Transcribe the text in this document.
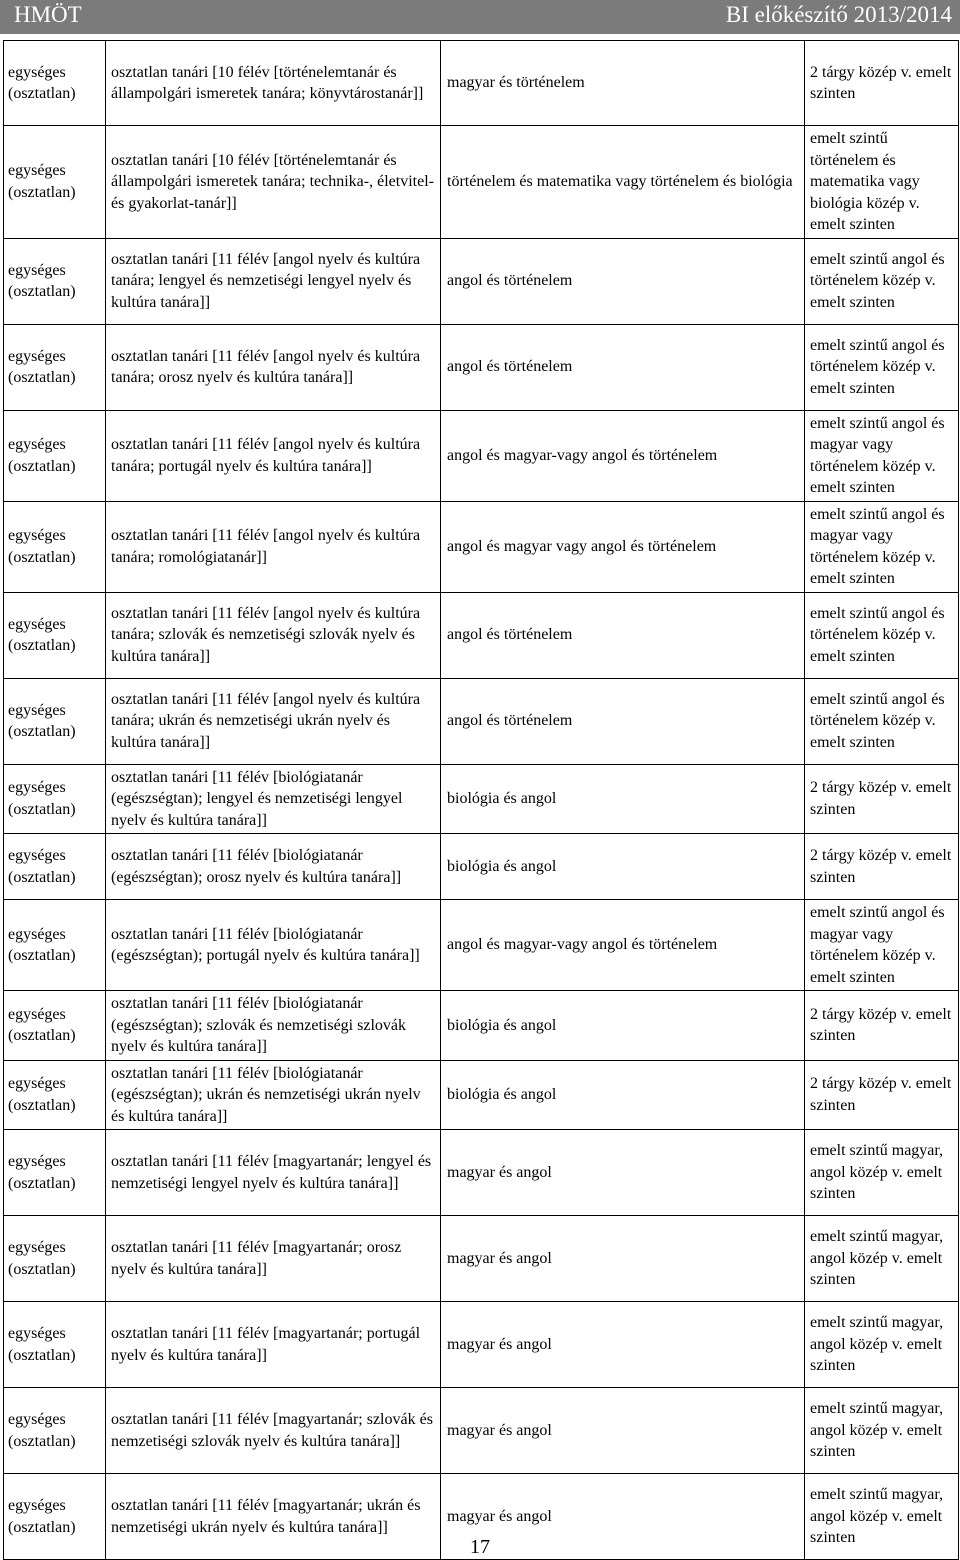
HMÖT	BI előkészítő 2013/2014
egységes (osztatlan)	osztatlan tanári [10 félév [történelemtanár és állampolgári ismeretek tanára; könyvtárostanár]]	magyar és történelem	2 tárgy közép v. emelt szinten
egységes (osztatlan)	osztatlan tanári [10 félév [történelemtanár és állampolgári ismeretek tanára; technika-, életvitel- és gyakorlat-tanár]]	történelem és matematika vagy történelem és biológia	emelt szintű történelem és matematika vagy biológia közép v. emelt szinten
egységes (osztatlan)	osztatlan tanári [11 félév [angol nyelv és kultúra tanára; lengyel és nemzetiségi lengyel nyelv és kultúra tanára]]	angol és történelem	emelt szintű angol és történelem közép v. emelt szinten
egységes (osztatlan)	osztatlan tanári [11 félév [angol nyelv és kultúra tanára; orosz nyelv és kultúra tanára]]	angol és történelem	emelt szintű angol és történelem közép v. emelt szinten
egységes (osztatlan)	osztatlan tanári [11 félév [angol nyelv és kultúra tanára; portugál nyelv és kultúra tanára]]	angol és magyar-vagy angol és történelem	emelt szintű angol és magyar vagy történelem közép v. emelt szinten
egységes (osztatlan)	osztatlan tanári [11 félév [angol nyelv és kultúra tanára; romológiatanár]]	angol és magyar vagy angol és történelem	emelt szintű angol és magyar vagy történelem közép v. emelt szinten
egységes (osztatlan)	osztatlan tanári [11 félév [angol nyelv és kultúra tanára; szlovák és nemzetiségi szlovák nyelv és kultúra tanára]]	angol és történelem	emelt szintű angol és történelem közép v. emelt szinten
egységes (osztatlan)	osztatlan tanári [11 félév [angol nyelv és kultúra tanára; ukrán és nemzetiségi ukrán nyelv és kultúra tanára]]	angol és történelem	emelt szintű angol és történelem közép v. emelt szinten
egységes (osztatlan)	osztatlan tanári [11 félév [biológiatanár (egészségtan); lengyel és nemzetiségi lengyel nyelv és kultúra tanára]]	biológia és angol	2 tárgy közép v. emelt szinten
egységes (osztatlan)	osztatlan tanári [11 félév [biológiatanár (egészségtan); orosz nyelv és kultúra tanára]]	biológia és angol	2 tárgy közép v. emelt szinten
egységes (osztatlan)	osztatlan tanári [11 félév [biológiatanár (egészségtan); portugál nyelv és kultúra tanára]]	angol és magyar-vagy angol és történelem	emelt szintű angol és magyar vagy történelem közép v. emelt szinten
egységes (osztatlan)	osztatlan tanári [11 félév [biológiatanár (egészségtan); szlovák és nemzetiségi szlovák nyelv és kultúra tanára]]	biológia és angol	2 tárgy közép v. emelt szinten
egységes (osztatlan)	osztatlan tanári [11 félév [biológiatanár (egészségtan); ukrán és nemzetiségi ukrán nyelv és kultúra tanára]]	biológia és angol	2 tárgy közép v. emelt szinten
egységes (osztatlan)	osztatlan tanári [11 félév [magyartanár; lengyel és nemzetiségi lengyel nyelv és kultúra tanára]]	magyar és angol	emelt szintű magyar, angol közép v. emelt szinten
egységes (osztatlan)	osztatlan tanári [11 félév [magyartanár; orosz nyelv és kultúra tanára]]	magyar és angol	emelt szintű magyar, angol közép v. emelt szinten
egységes (osztatlan)	osztatlan tanári [11 félév [magyartanár; portugál nyelv és kultúra tanára]]	magyar és angol	emelt szintű magyar, angol közép v. emelt szinten
egységes (osztatlan)	osztatlan tanári [11 félév [magyartanár; szlovák és nemzetiségi szlovák nyelv és kultúra tanára]]	magyar és angol	emelt szintű magyar, angol közép v. emelt szinten
egységes (osztatlan)	osztatlan tanári [11 félév [magyartanár; ukrán és nemzetiségi ukrán nyelv és kultúra tanára]]	magyar és angol	emelt szintű magyar, angol közép v. emelt szinten
17
